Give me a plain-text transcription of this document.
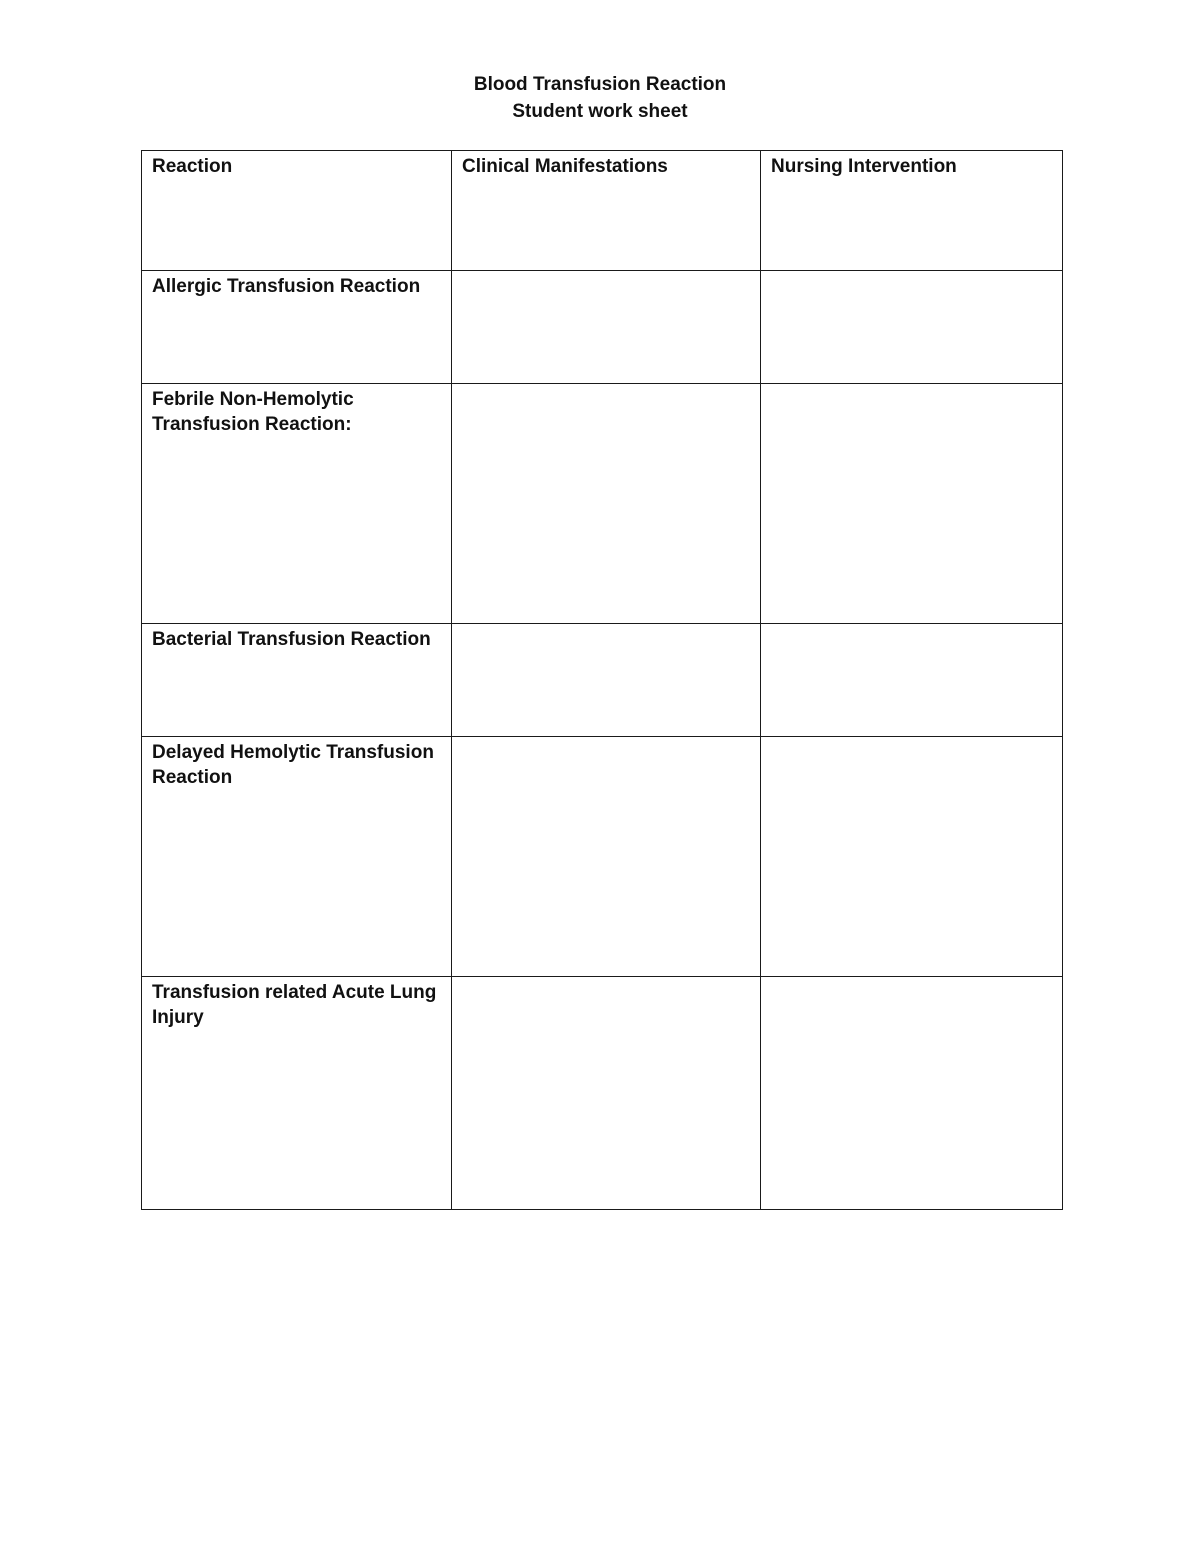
Blood Transfusion Reaction
Student work sheet
Reaction	Clinical Manifestations	Nursing Intervention
Allergic Transfusion Reaction		
Febrile Non-Hemolytic Transfusion Reaction:		
Bacterial Transfusion Reaction		
Delayed Hemolytic Transfusion Reaction		
Transfusion related Acute Lung Injury		
